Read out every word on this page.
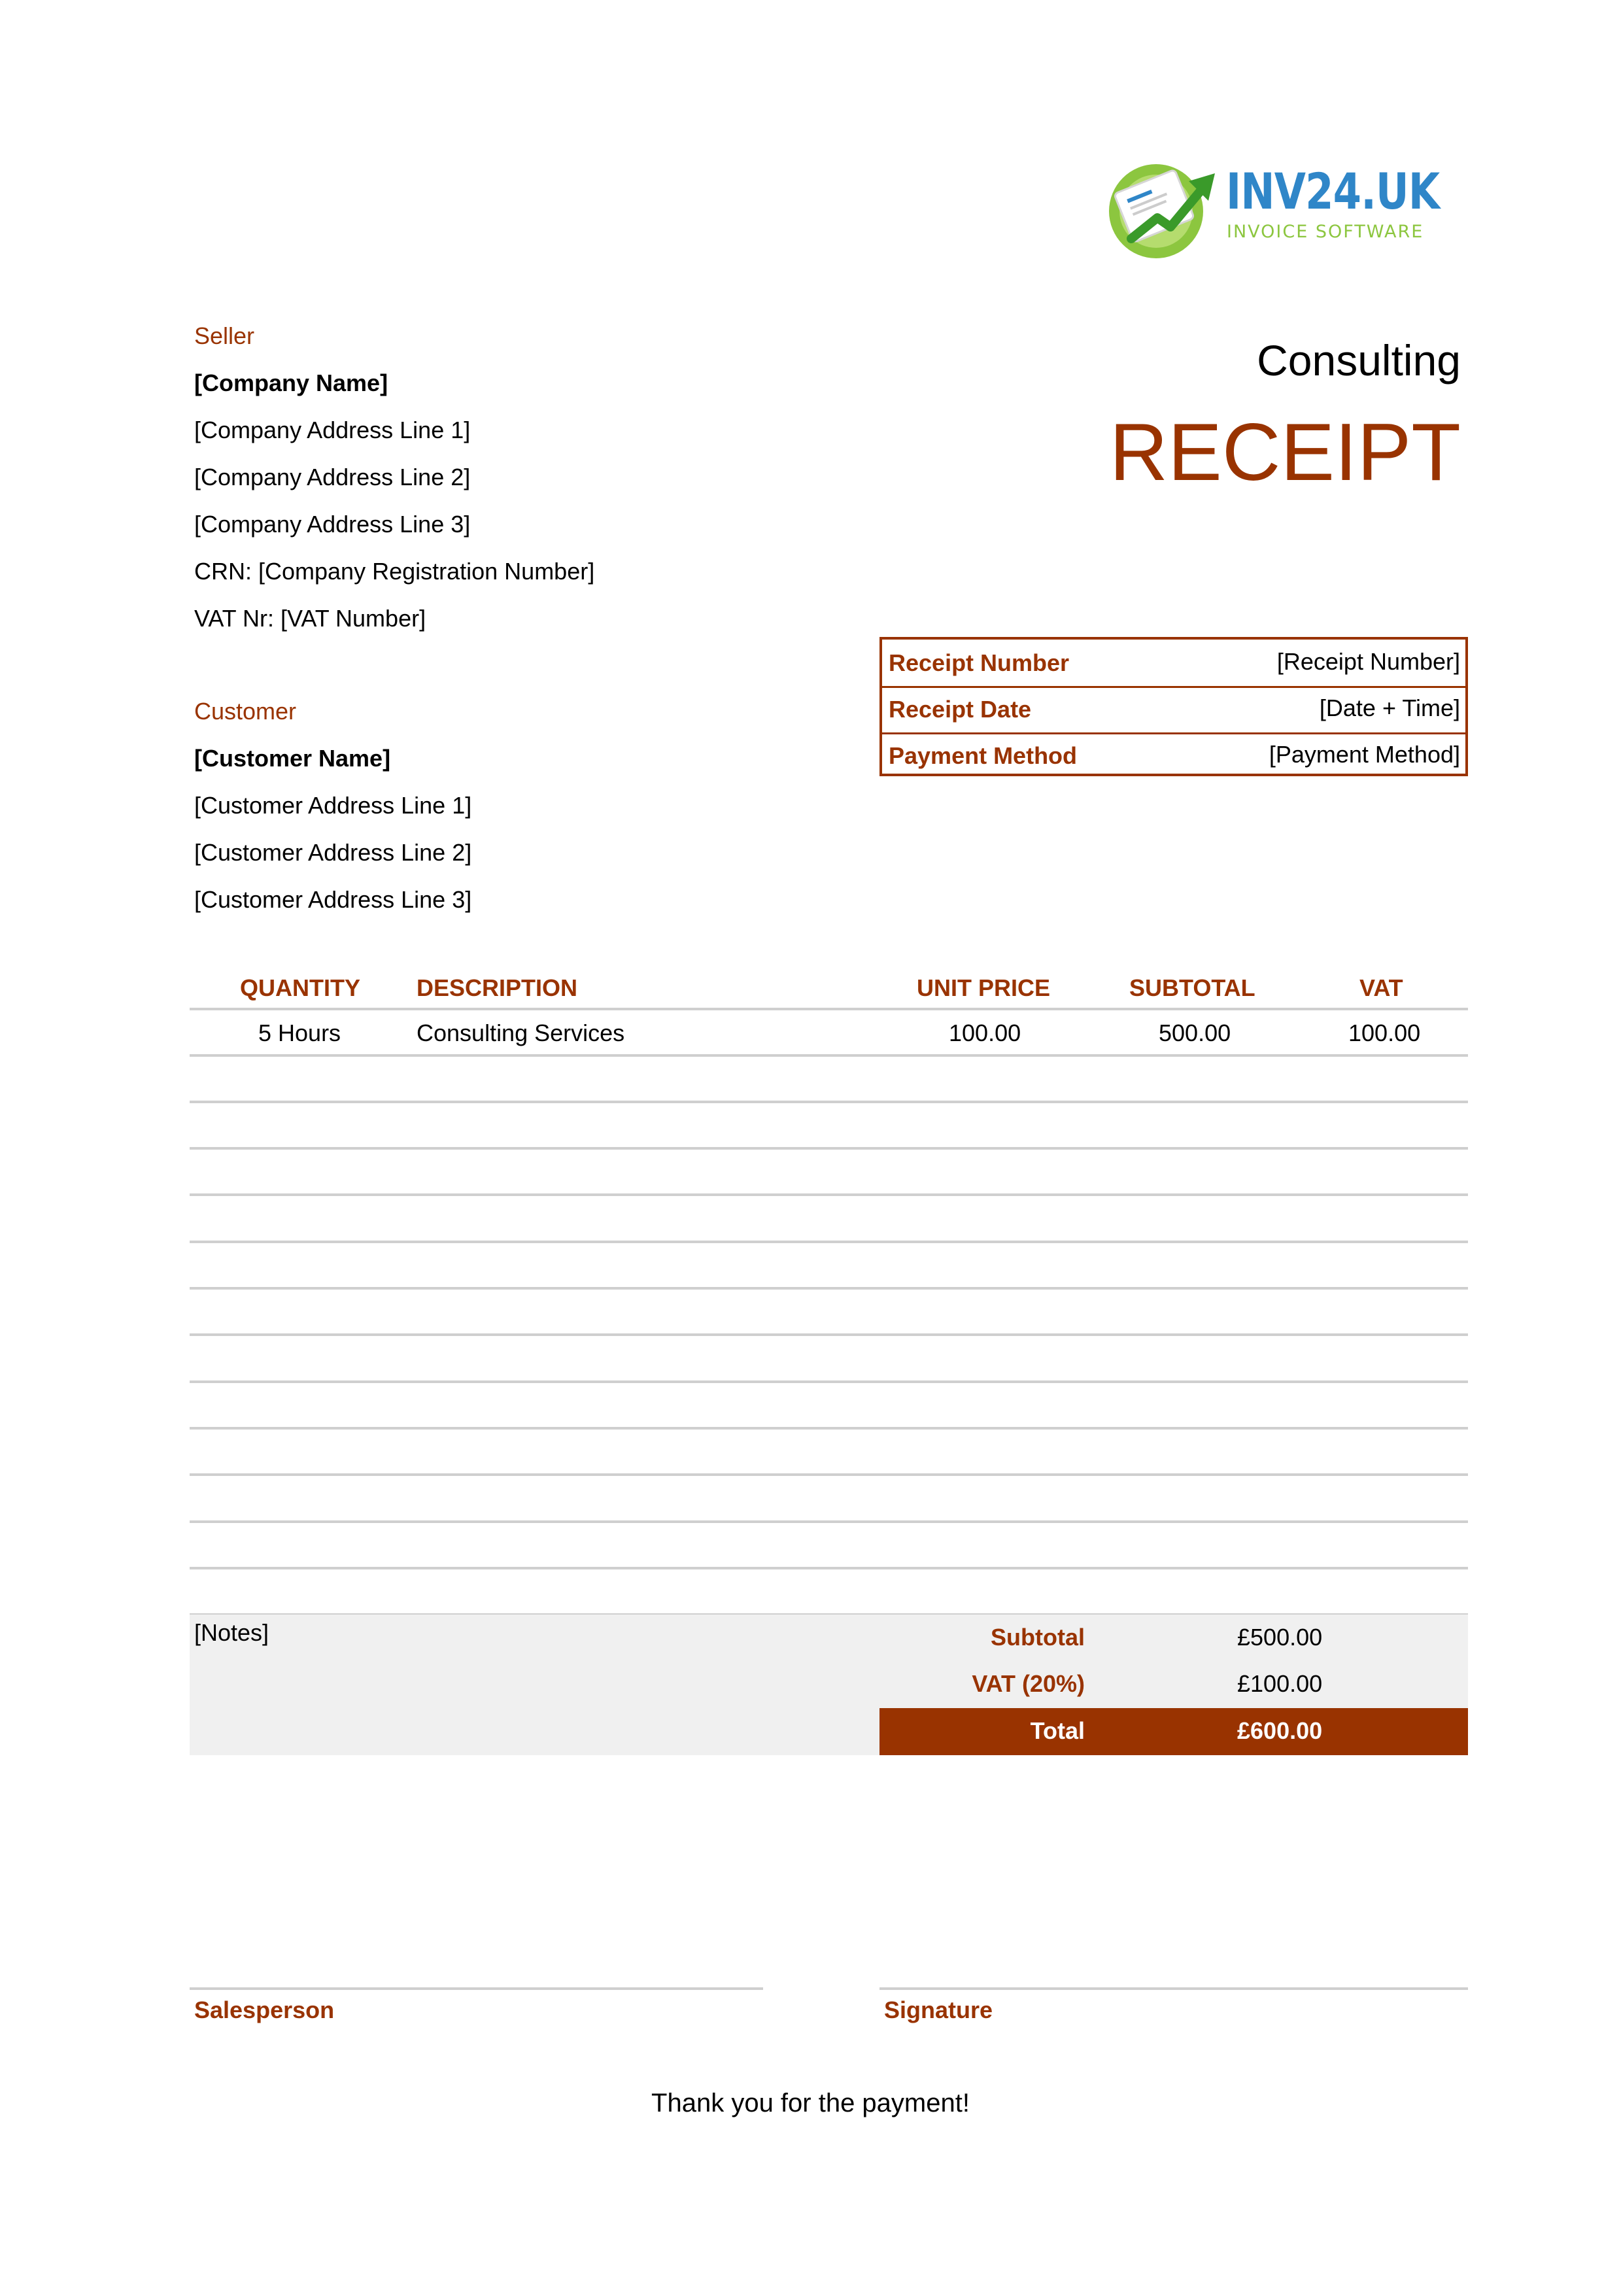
INV24.UK
INVOICE SOFTWARE
Consulting
RECEIPT
Seller
[Company Name]
[Company Address Line 1]
[Company Address Line 2]
[Company Address Line 3]
CRN: [Company Registration Number]
VAT Nr: [VAT Number]
Customer
[Customer Name]
[Customer Address Line 1]
[Customer Address Line 2]
[Customer Address Line 3]
Receipt Number	[Receipt Number]
Receipt Date	[Date + Time]
Payment Method	[Payment Method]
QUANTITY DESCRIPTION	UNIT PRICE	SUBTOTAL	VAT
5 Hours	Consulting Services	100.00	500.00	100.00
[Notes]	Subtotal	£500.00
VAT (20%)	£100.00
Total	£600.00
Salesperson	Signature
Thank you for the payment!
